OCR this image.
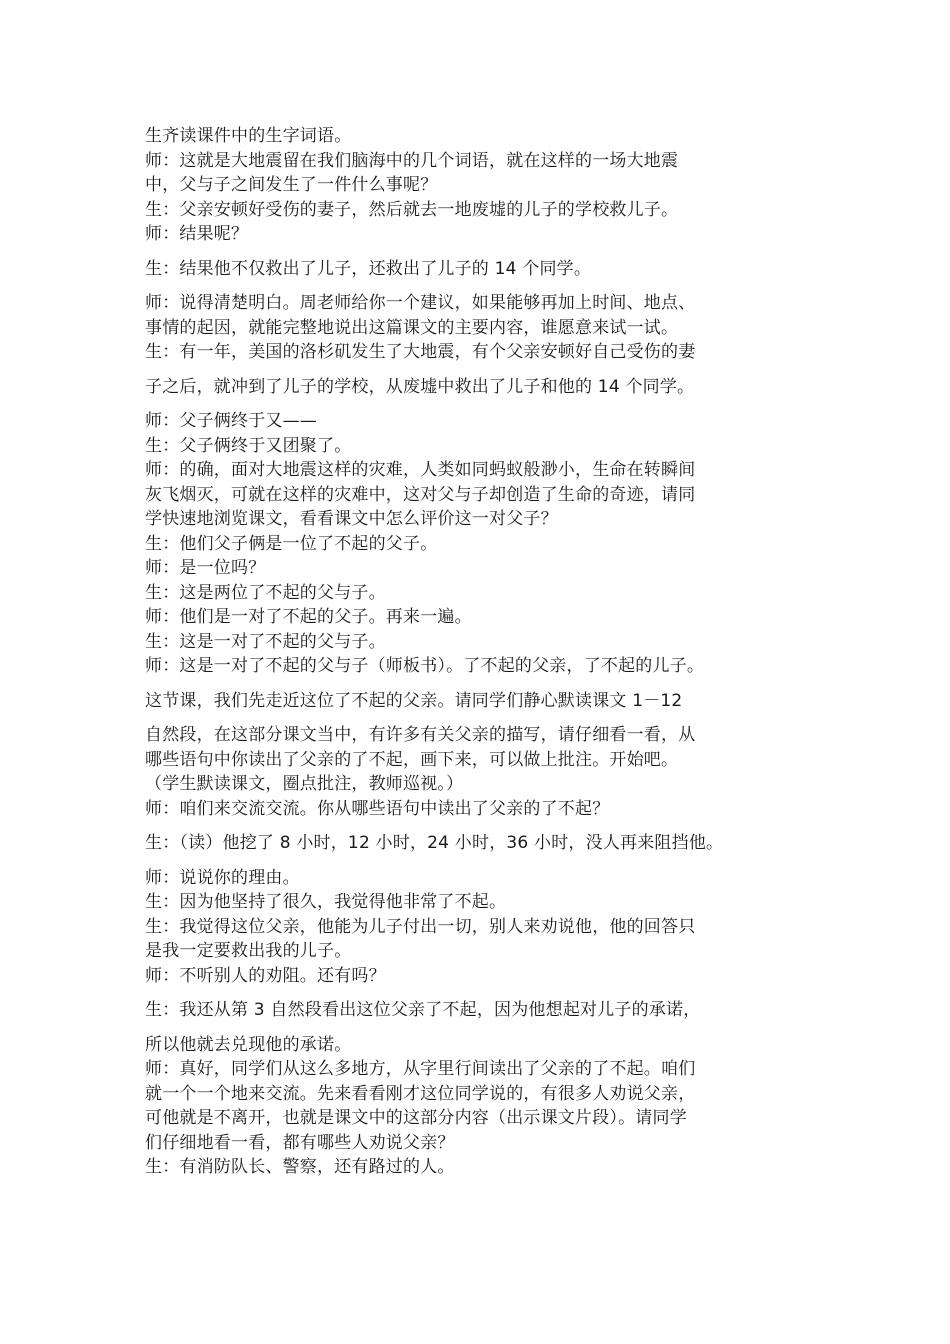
生齐读课件中的生字词语。
师：这就是大地震留在我们脑海中的几个词语，就在这样的一场大地震
中，父与子之间发生了一件什么事呢？
生：父亲安顿好受伤的妻子，然后就去一地废墟的儿子的学校救儿子。
师：结果呢？
生：结果他不仅救出了儿子，还救出了儿子的 14 个同学。
师：说得清楚明白。周老师给你一个建议，如果能够再加上时间、地点、
事情的起因，就能完整地说出这篇课文的主要内容，谁愿意来试一试。
生：有一年，美国的洛杉矶发生了大地震，有个父亲安顿好自己受伤的妻
子之后，就冲到了儿子的学校，从废墟中救出了儿子和他的 14 个同学。
师：父子俩终于又——
生：父子俩终于又团聚了。
师：的确，面对大地震这样的灾难，人类如同蚂蚁般渺小，生命在转瞬间
灰飞烟灭，可就在这样的灾难中，这对父与子却创造了生命的奇迹，请同
学快速地浏览课文，看看课文中怎么评价这一对父子？
生：他们父子俩是一位了不起的父子。
师：是一位吗？
生：这是两位了不起的父与子。
师：他们是一对了不起的父子。再来一遍。
生：这是一对了不起的父与子。
师：这是一对了不起的父与子（师板书）。了不起的父亲，了不起的儿子。
这节课，我们先走近这位了不起的父亲。请同学们静心默读课文 1－12
自然段，在这部分课文当中，有许多有关父亲的描写，请仔细看一看，从
哪些语句中你读出了父亲的了不起，画下来，可以做上批注。开始吧。
（学生默读课文，圈点批注，教师巡视。）
师：咱们来交流交流。你从哪些语句中读出了父亲的了不起？
生：（读）他挖了 8 小时，12 小时，24 小时，36 小时，没人再来阻挡他。
师：说说你的理由。
生：因为他坚持了很久，我觉得他非常了不起。
生：我觉得这位父亲，他能为儿子付出一切，别人来劝说他，他的回答只
是我一定要救出我的儿子。
师：不听别人的劝阻。还有吗？
生：我还从第 3 自然段看出这位父亲了不起，因为他想起对儿子的承诺，
所以他就去兑现他的承诺。
师：真好，同学们从这么多地方，从字里行间读出了父亲的了不起。咱们
就一个一个地来交流。先来看看刚才这位同学说的，有很多人劝说父亲，
可他就是不离开，也就是课文中的这部分内容（出示课文片段）。请同学
们仔细地看一看，都有哪些人劝说父亲？
生：有消防队长、警察，还有路过的人。
